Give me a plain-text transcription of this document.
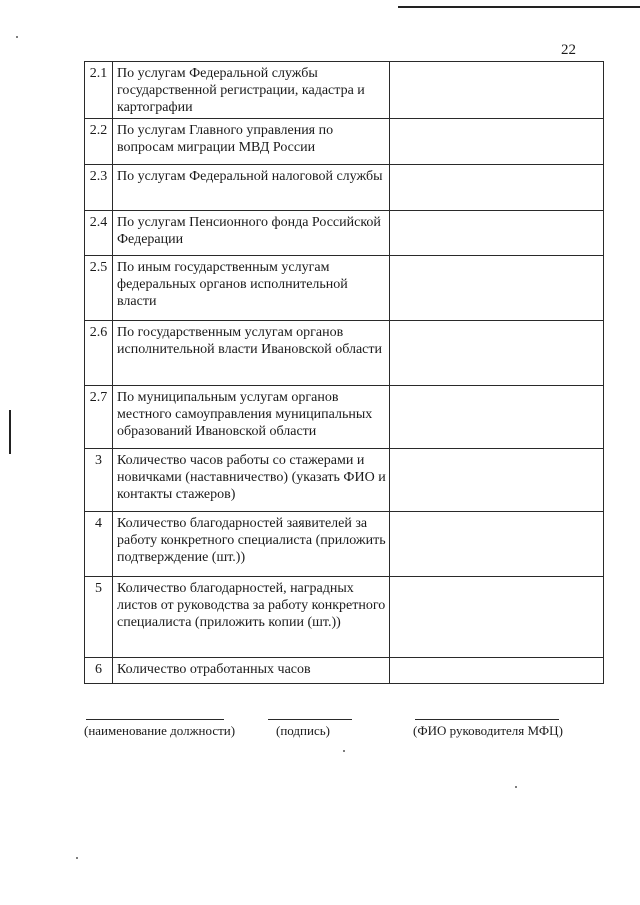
22
2.1	По услугам Федеральной службы государственной регистрации, кадастра и картографии	
2.2	По услугам Главного управления по вопросам миграции МВД России	
2.3	По услугам Федеральной налоговой службы	
2.4	По услугам Пенсионного фонда Российской Федерации	
2.5	По иным государственным услугам федеральных органов исполнительной власти	
2.6	По государственным услугам органов исполнительной власти Ивановской области	
2.7	По муниципальным услугам органов местного самоуправления муниципальных образований Ивановской области	
3	Количество часов работы со стажерами и новичками (наставничество) (указать ФИО и контакты стажеров)	
4	Количество благодарностей заявителей за работу конкретного специалиста (приложить подтверждение (шт.))	
5	Количество благодарностей, наградных листов от руководства за работу конкретного специалиста (приложить копии (шт.))	
6	Количество отработанных часов	
(наименование должности)	(подпись)	(ФИО руководителя МФЦ)
